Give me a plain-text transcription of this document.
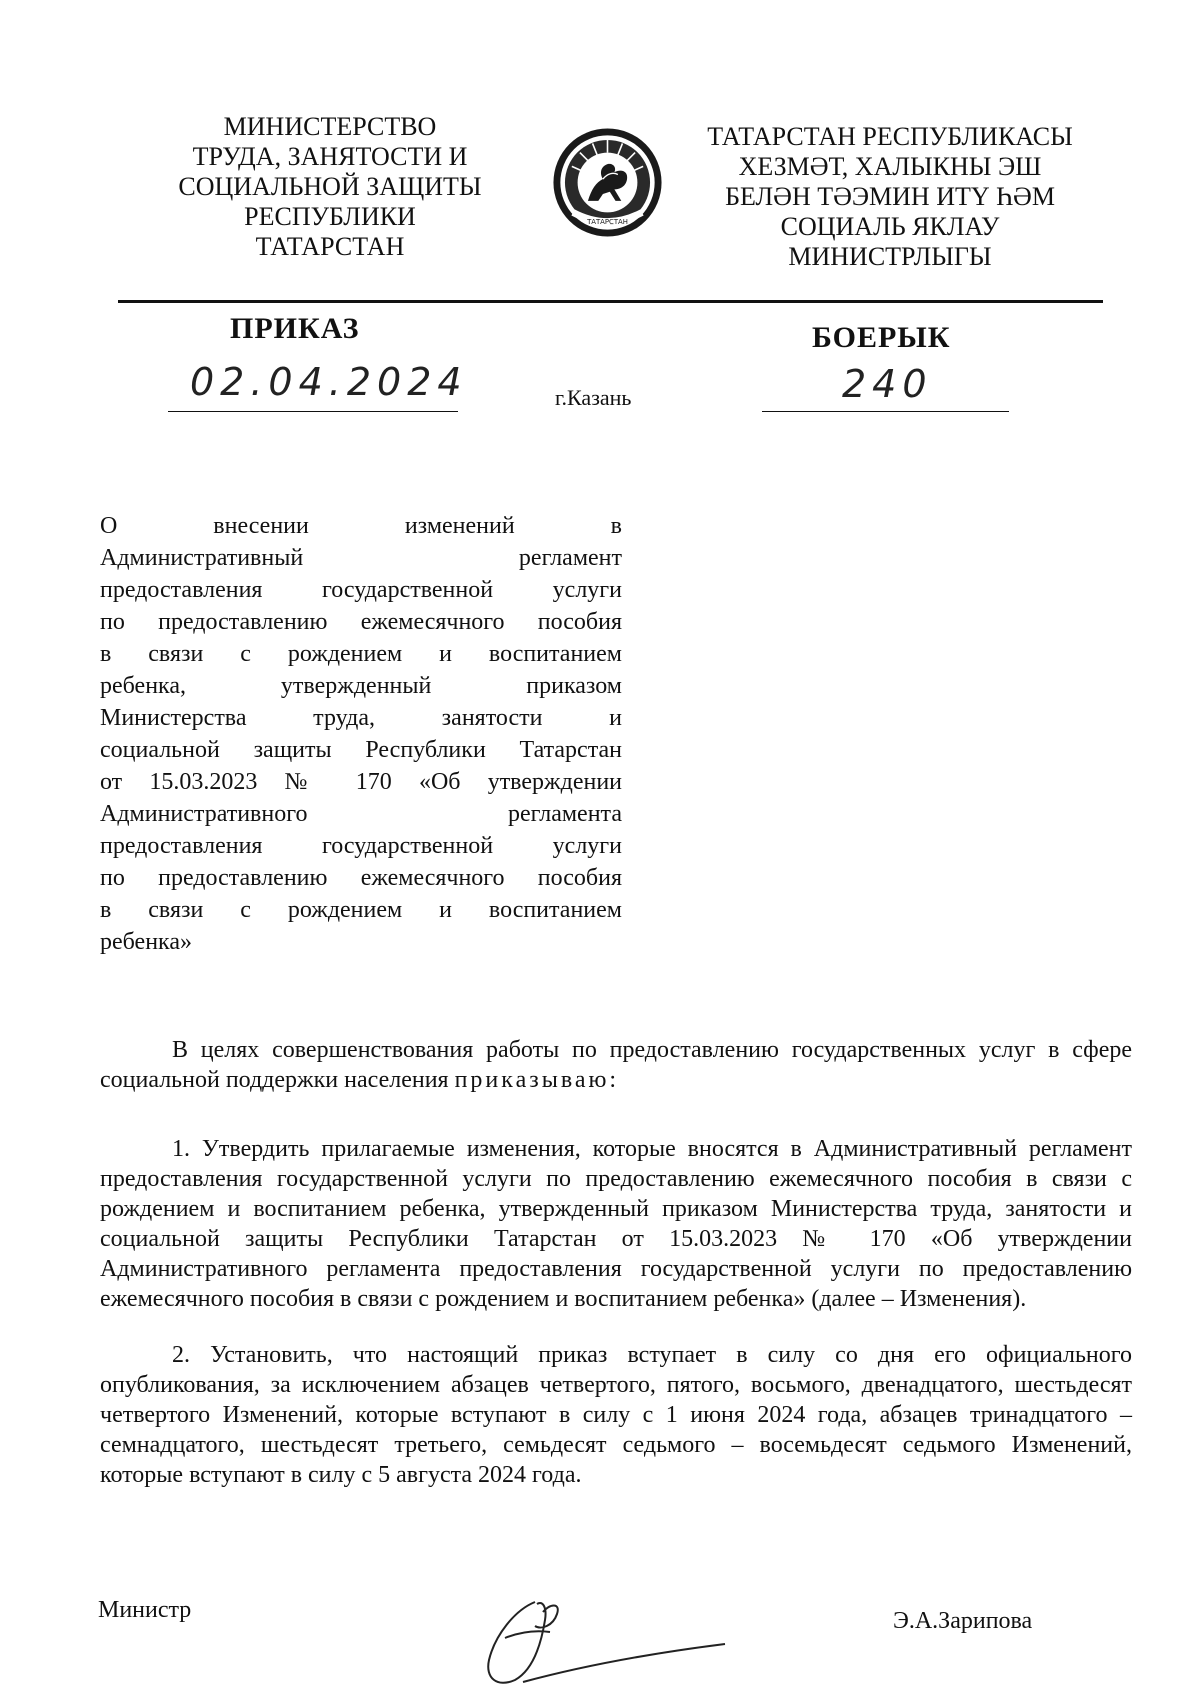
МИНИСТЕРСТВО
ТРУДА, ЗАНЯТОСТИ И
СОЦИАЛЬНОЙ ЗАЩИТЫ
РЕСПУБЛИКИ
ТАТАРСТАН
ТАТАРСТАН
ТАТАРСТАН РЕСПУБЛИКАСЫ
ХЕЗМӘТ, ХАЛЫКНЫ ЭШ
БЕЛӘН ТӘЭМИН ИТҮ ҺӘМ
СОЦИАЛЬ ЯКЛАУ
МИНИСТРЛЫГЫ
ПРИКАЗ	БОЕРЫК
02.04.2024	г.Казань	240
О внесении изменений в
Административный регламент
предоставления государственной услуги
по предоставлению ежемесячного пособия
в связи с рождением и воспитанием
ребенка, утвержденный приказом
Министерства труда, занятости и
социальной защиты Республики Татарстан
от 15.03.2023 № 170 «Об утверждении
Административного регламента
предоставления государственной услуги
по предоставлению ежемесячного пособия
в связи с рождением и воспитанием
ребенка»

В целях совершенствования работы по предоставлению государственных услуг в сфере социальной поддержки населения приказываю:

1. Утвердить прилагаемые изменения, которые вносятся в Административный регламент предоставления государственной услуги по предоставлению ежемесячного пособия в связи с рождением и воспитанием ребенка, утвержденный приказом Министерства труда, занятости и социальной защиты Республики Татарстан от 15.03.2023 № 170 «Об утверждении Административного регламента предоставления государственной услуги по предоставлению ежемесячного пособия в связи с рождением и воспитанием ребенка» (далее – Изменения).

2. Установить, что настоящий приказ вступает в силу со дня его официального опубликования, за исключением абзацев четвертого, пятого, восьмого, двенадцатого, шестьдесят четвертого Изменений, которые вступают в силу с 1 июня 2024 года, абзацев тринадцатого – семнадцатого, шестьдесят третьего, семьдесят седьмого – восемьдесят седьмого Изменений, которые вступают в силу с 5 августа 2024 года.

Министр	Э.А.Зарипова
